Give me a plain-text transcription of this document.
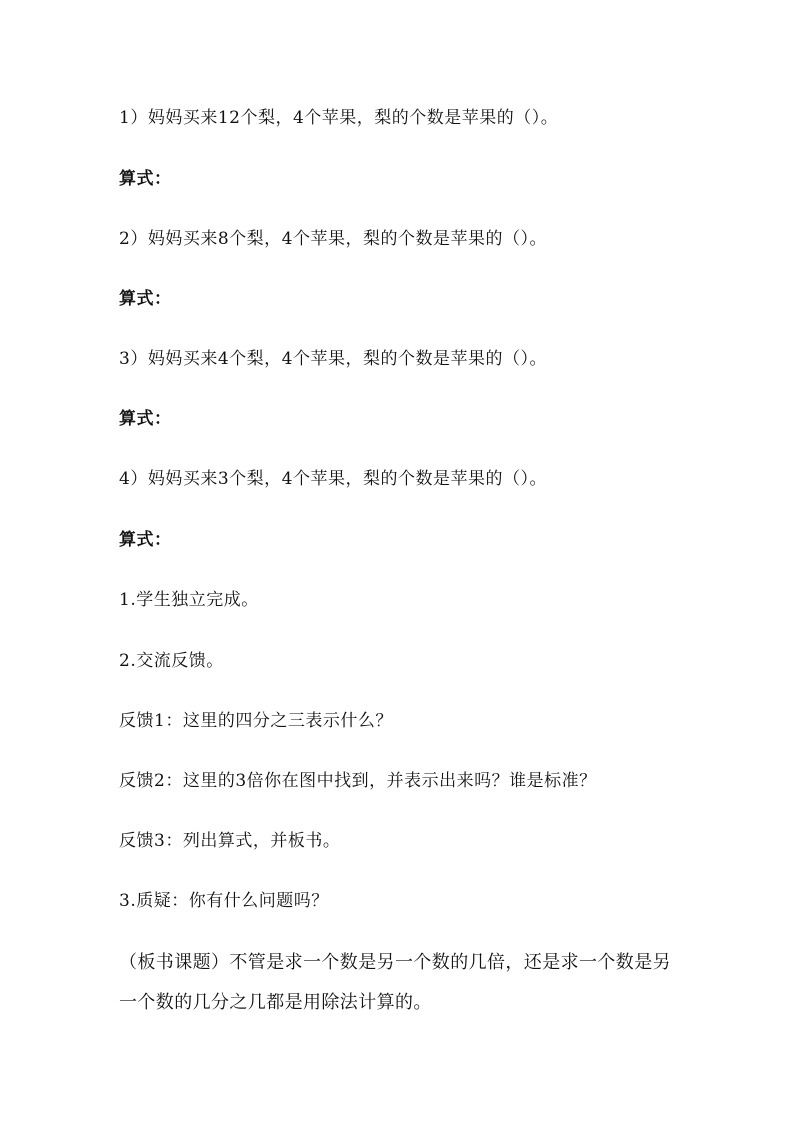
1）妈妈买来12个梨，4个苹果，梨的个数是苹果的（）。
算式：
2）妈妈买来8个梨，4个苹果，梨的个数是苹果的（）。
算式：
3）妈妈买来4个梨，4个苹果，梨的个数是苹果的（）。
算式：
4）妈妈买来3个梨，4个苹果，梨的个数是苹果的（）。
算式：
1.学生独立完成。
2.交流反馈。
反馈1：这里的四分之三表示什么？
反馈2：这里的3倍你在图中找到，并表示出来吗？谁是标准？
反馈3：列出算式，并板书。
3.质疑：你有什么问题吗？
（板书课题）不管是求一个数是另一个数的几倍，还是求一个数是另一个数的几分之几都是用除法计算的。
